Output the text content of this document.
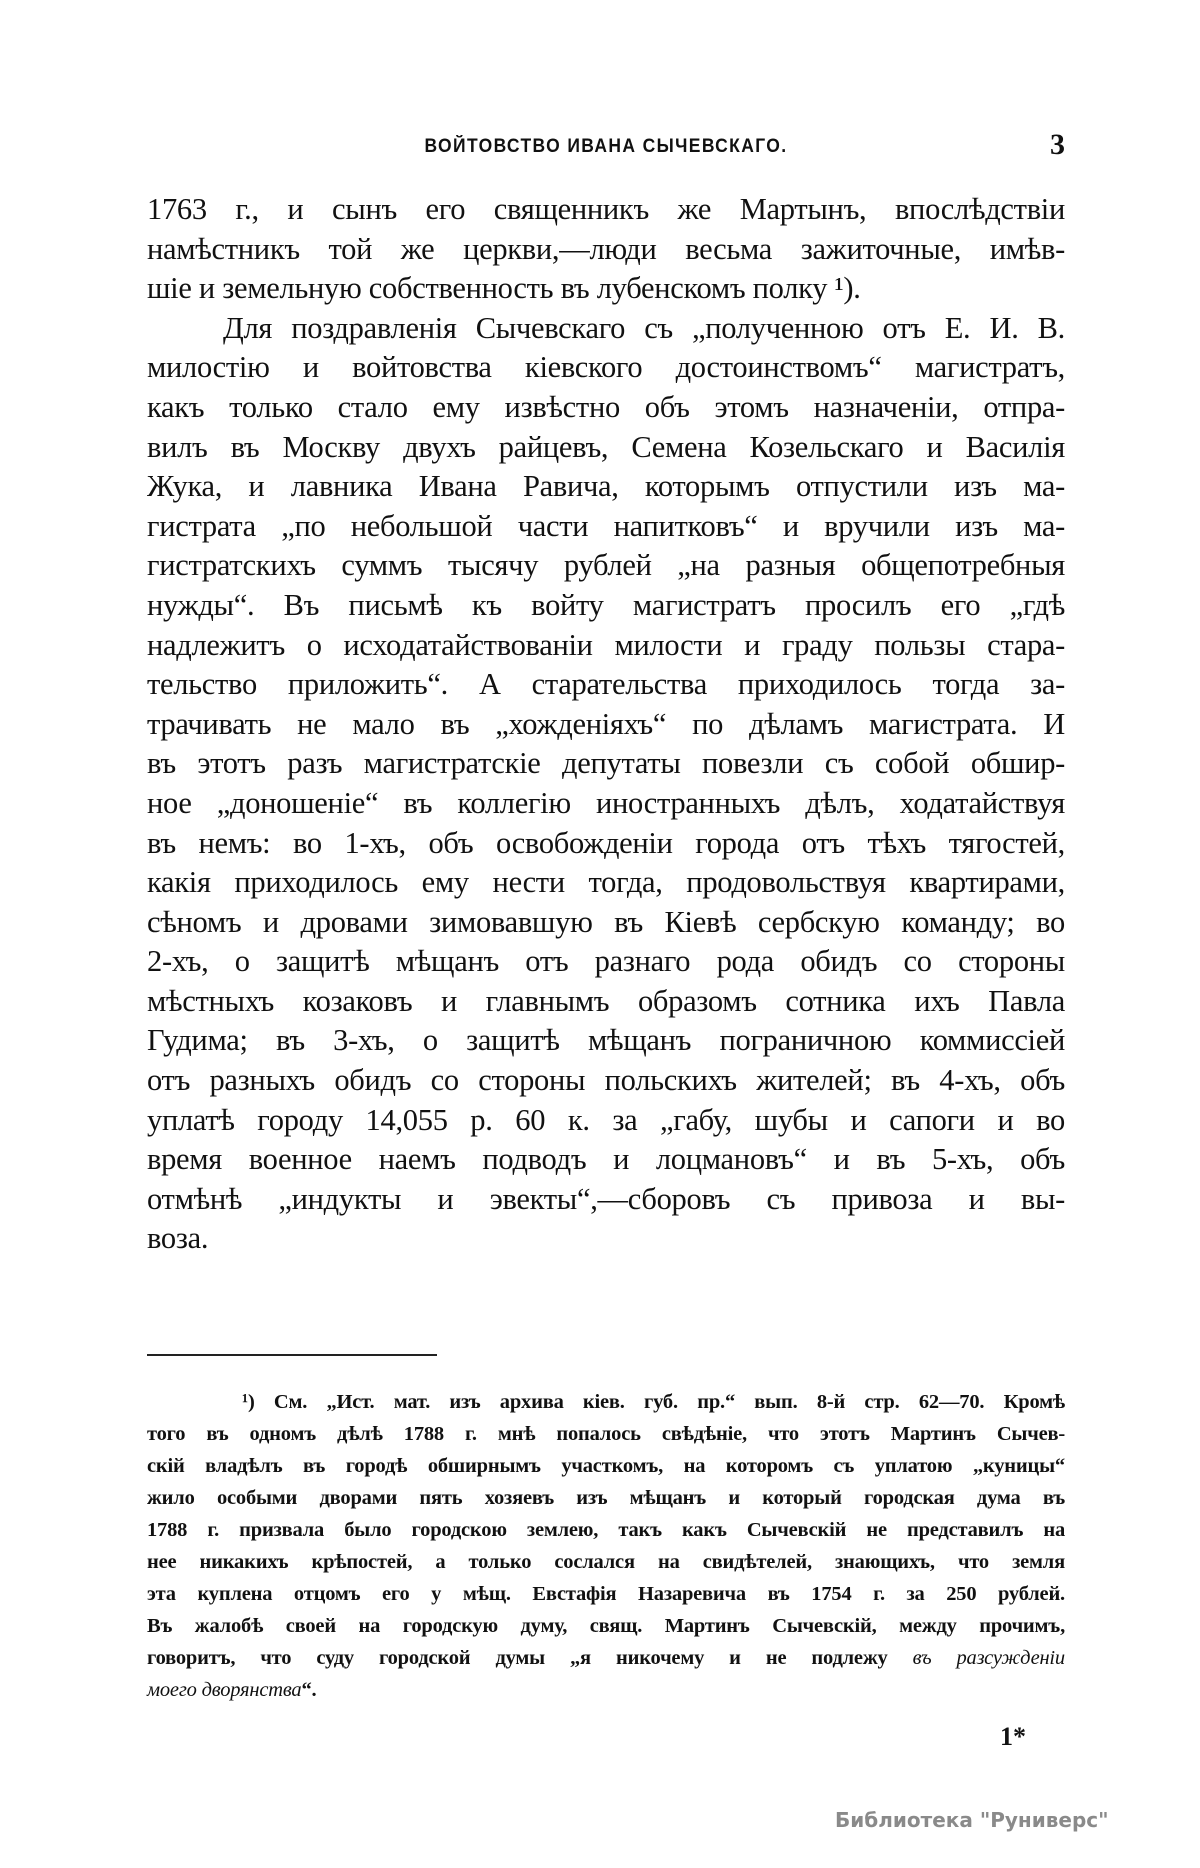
ВОЙТОВСТВО ИВАНА СЫЧЕВСКАГО.	3
1763 г., и сынъ его священникъ же Мартынъ, впослѣдствіи
намѣстникъ той же церкви,—люди весьма зажиточные, имѣв-
шіе и земельную собственность въ лубенскомъ полку ¹).
Для поздравленія Сычевскаго съ „полученною отъ Е. И. В.
милостію и войтовства кіевского достоинствомъ“ магистратъ,
какъ только стало ему извѣстно объ этомъ назначеніи, отпра-
вилъ въ Москву двухъ райцевъ, Семена Козельскаго и Василія
Жука, и лавника Ивана Равича, которымъ отпустили изъ ма-
гистрата „по небольшой части напитковъ“ и вручили изъ ма-
гистратскихъ суммъ тысячу рублей „на разныя общепотребныя
нужды“. Въ письмѣ къ войту магистратъ просилъ его „гдѣ
надлежитъ о исходатайствованіи милости и граду пользы стара-
тельство приложить“. А старательства приходилось тогда за-
трачивать не мало въ „хожденіяхъ“ по дѣламъ магистрата. И
въ этотъ разъ магистратскіе депутаты повезли съ собой обшир-
ное „доношеніе“ въ коллегію иностранныхъ дѣлъ, ходатайствуя
въ немъ: во 1-хъ, объ освобожденіи города отъ тѣхъ тягостей,
какія приходилось ему нести тогда, продовольствуя квартирами,
сѣномъ и дровами зимовавшую въ Кіевѣ сербскую команду; во
2-хъ, о защитѣ мѣщанъ отъ разнаго рода обидъ со стороны
мѣстныхъ козаковъ и главнымъ образомъ сотника ихъ Павла
Гудима; въ 3-хъ, о защитѣ мѣщанъ пограничною коммиссіей
отъ разныхъ обидъ со стороны польскихъ жителей; въ 4-хъ, объ
уплатѣ городу 14,055 р. 60 к. за „габу, шубы и сапоги и во
время военное наемъ подводъ и лоцмановъ“ и въ 5-хъ, объ
отмѣнѣ „индукты и эвекты“,—сборовъ съ привоза и вы-
воза.
¹) См. „Ист. мат. изъ архива кіев. губ. пр.“ вып. 8-й стр. 62—70. Кромѣ
того въ одномъ дѣлѣ 1788 г. мнѣ попалось свѣдѣніе, что этотъ Мартинъ Сычев-
скій владѣлъ въ городѣ обширнымъ участкомъ, на которомъ съ уплатою „куницы“
жило особыми дворами пять хозяевъ изъ мѣщанъ и который городская дума въ
1788 г. призвала было городскою землею, такъ какъ Сычевскій не представилъ на
нее никакихъ крѣпостей, а только сослался на свидѣтелей, знающихъ, что земля
эта куплена отцомъ его у мѣщ. Евстафія Назаревича въ 1754 г. за 250 рублей.
Въ жалобѣ своей на городскую думу, свящ. Мартинъ Сычевскій, между прочимъ,
говоритъ, что суду городской думы „я никочему и не подлежу въ разсужденіи
моего дворянства“.
1*
Библиотека "Руниверс"
